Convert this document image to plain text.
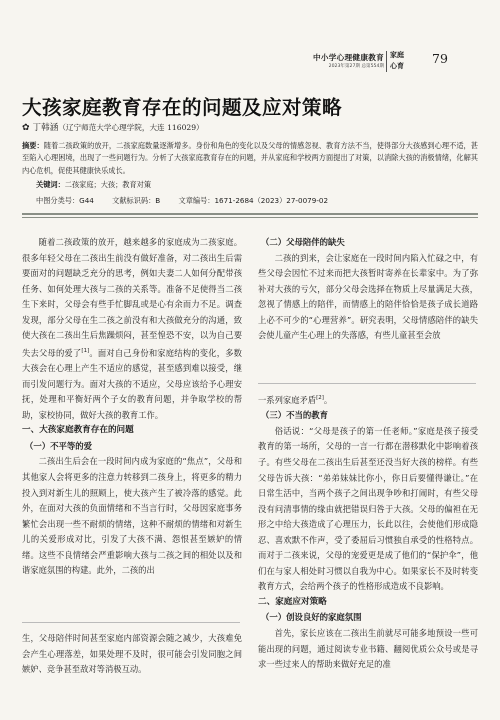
中小学心理健康教育
2023年第27期 总第554期
家庭心育 79
大孩家庭教育存在的问题及应对策略
✿ 丁韩涵（辽宁师范大学心理学院，大连 116029）
摘要：随着二孩政策的放开，二孩家庭数量逐渐增多。身份和角色的变化以及父母的情感忽视、教育方法不当，使得部分大孩感到心理不适，甚至陷入心理困境，出现了一些问题行为。分析了大孩家庭教育存在的问题，并从家庭和学校两方面提出了对策，以消除大孩的消极情绪，化解其内心危机，促使其健康快乐成长。
关键词：二孩家庭；大孩；教育对策
中图分类号：G44	文献标识码：B	文章编号：1671-2684（2023）27-0079-02

随着二孩政策的放开，越来越多的家庭成为二孩家庭。很多年轻父母在二孩出生前没有做好准备，对二孩出生后需要面对的问题缺乏充分的思考，例如夫妻二人如何分配带孩任务、如何处理大孩与二孩的关系等。准备不足使得当二孩生下来时，父母会有些手忙脚乱或是心有余而力不足。调查发现，部分父母在生二孩之前没有和大孩做充分的沟通，致使大孩在二孩出生后焦躁烦闷，甚至惶恐不安，以为自己要失去父母的爱了[1]。面对自己身份和家庭结构的变化，多数大孩会在心理上产生不适应的感觉，甚至感到难以接受，继而引发问题行为。面对大孩的不适应，父母应该给予心理安抚，处理和平衡好两个子女的教育问题，并争取学校的帮助，家校协同，做好大孩的教育工作。

一、大孩家庭教育存在的问题
（一）不平等的爱

二孩出生后会在一段时间内成为家庭的“焦点”，父母和其他家人会将更多的注意力转移到二孩身上，将更多的精力投入到对新生儿的照顾上，使大孩产生了被冷落的感觉。此外，在面对大孩的负面情绪和不当言行时，父母因家庭事务繁忙会出现一些不耐烦的情绪，这种不耐烦的情绪和对新生儿的关爱形成对比，引发了大孩不满、怨恨甚至嫉妒的情绪。这些不良情绪会严重影响大孩与二孩之间的相处以及和谐家庭氛围的构建。此外，二孩的出

生，父母陪伴时间甚至家庭内部资源会随之减少，大孩难免会产生心理落差，如果处理不及时，很可能会引发同胞之间嫉妒、竞争甚至敌对等消极互动。

（二）父母陪伴的缺失

二孩的到来，会让家庭在一段时间内陷入忙碌之中，有些父母会因忙不过来而把大孩暂时寄养在长辈家中。为了弥补对大孩的亏欠，部分父母会选择在物质上尽量满足大孩，忽视了情感上的陪伴，而情感上的陪伴恰恰是孩子成长道路上必不可少的“心理营养”。研究表明，父母情感陪伴的缺失会使儿童产生心理上的失落感，有些儿童甚至会放

一系列家庭矛盾[2]。

（三）不当的教育

俗话说：“父母是孩子的第一任老师。”家庭是孩子接受教育的第一场所，父母的一言一行都在潜移默化中影响着孩子。有些父母在二孩出生后甚至还没当好大孩的榜样。有些父母告诉大孩：“弟弟妹妹比你小，你日后要懂得谦让。”在日常生活中，当两个孩子之间出现争吵和打闹时，有些父母没有问清事情的缘由就把错误归咎于大孩。父母的偏袒在无形之中给大孩造成了心理压力，长此以往，会使他们形成隐忍、喜欢默不作声，受了委屈后习惯独自承受的性格特点。而对于二孩来说，父母的宠爱更是成了他们的“保护伞”，他们在与家人相处时习惯以自我为中心。如果家长不及时转变教育方式，会给两个孩子的性格形成造成不良影响。

二、家庭应对策略
（一）创设良好的家庭氛围

首先，家长应该在二孩出生前就尽可能多地预设一些可能出现的问题，通过阅读专业书籍、翻阅优质公众号或是寻求一些过来人的帮助来做好充足的准
